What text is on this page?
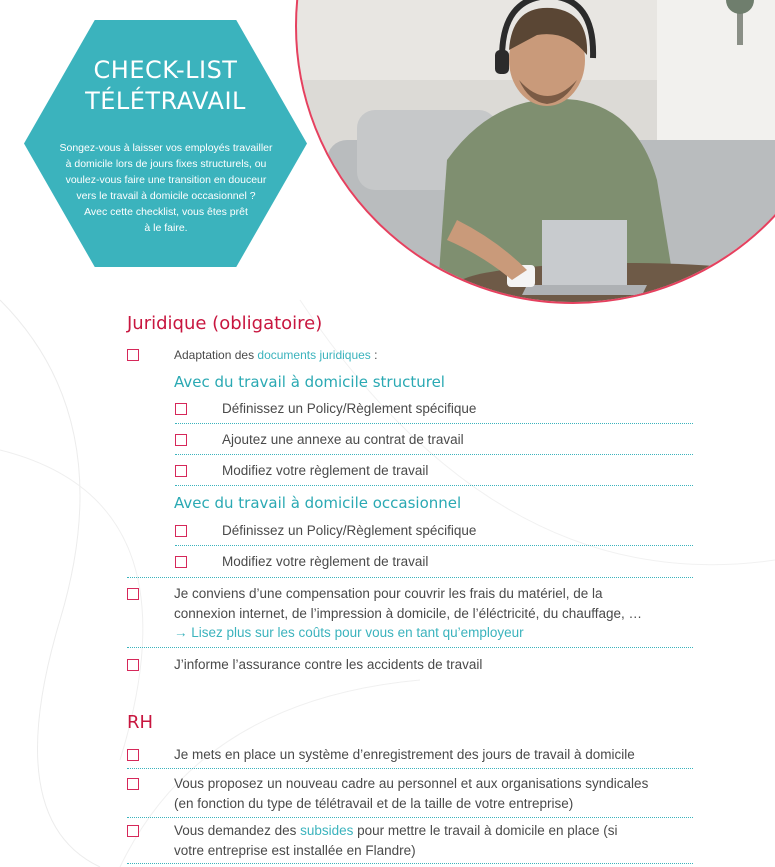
CHECK-LIST
TÉLÉTRAVAIL
Songez-vous à laisser vos employés travailler
à domicile lors de jours fixes structurels, ou
voulez-vous faire une transition en douceur
vers le travail à domicile occasionnel ?
Avec cette checklist, vous êtes prêt
à le faire.
Juridique (obligatoire)
Adaptation des documents juridiques :
Avec du travail à domicile structurel
Définissez un Policy/Règlement spécifique
Ajoutez une annexe au contrat de travail
Modifiez votre règlement de travail
Avec du travail à domicile occasionnel
Définissez un Policy/Règlement spécifique
Modifiez votre règlement de travail
Je conviens d’une compensation pour couvrir les frais du matériel, de la
connexion internet, de l’impression à domicile, de l’éléctricité, du chauffage, …
→ Lisez plus sur les coûts pour vous en tant qu’employeur
J’informe l’assurance contre les accidents de travail
RH
Je mets en place un système d’enregistrement des jours de travail à domicile
Vous proposez un nouveau cadre au personnel et aux organisations syndicales
(en fonction du type de télétravail et de la taille de votre entreprise)
Vous demandez des subsides pour mettre le travail à domicile en place (si
votre entreprise est installée en Flandre)
